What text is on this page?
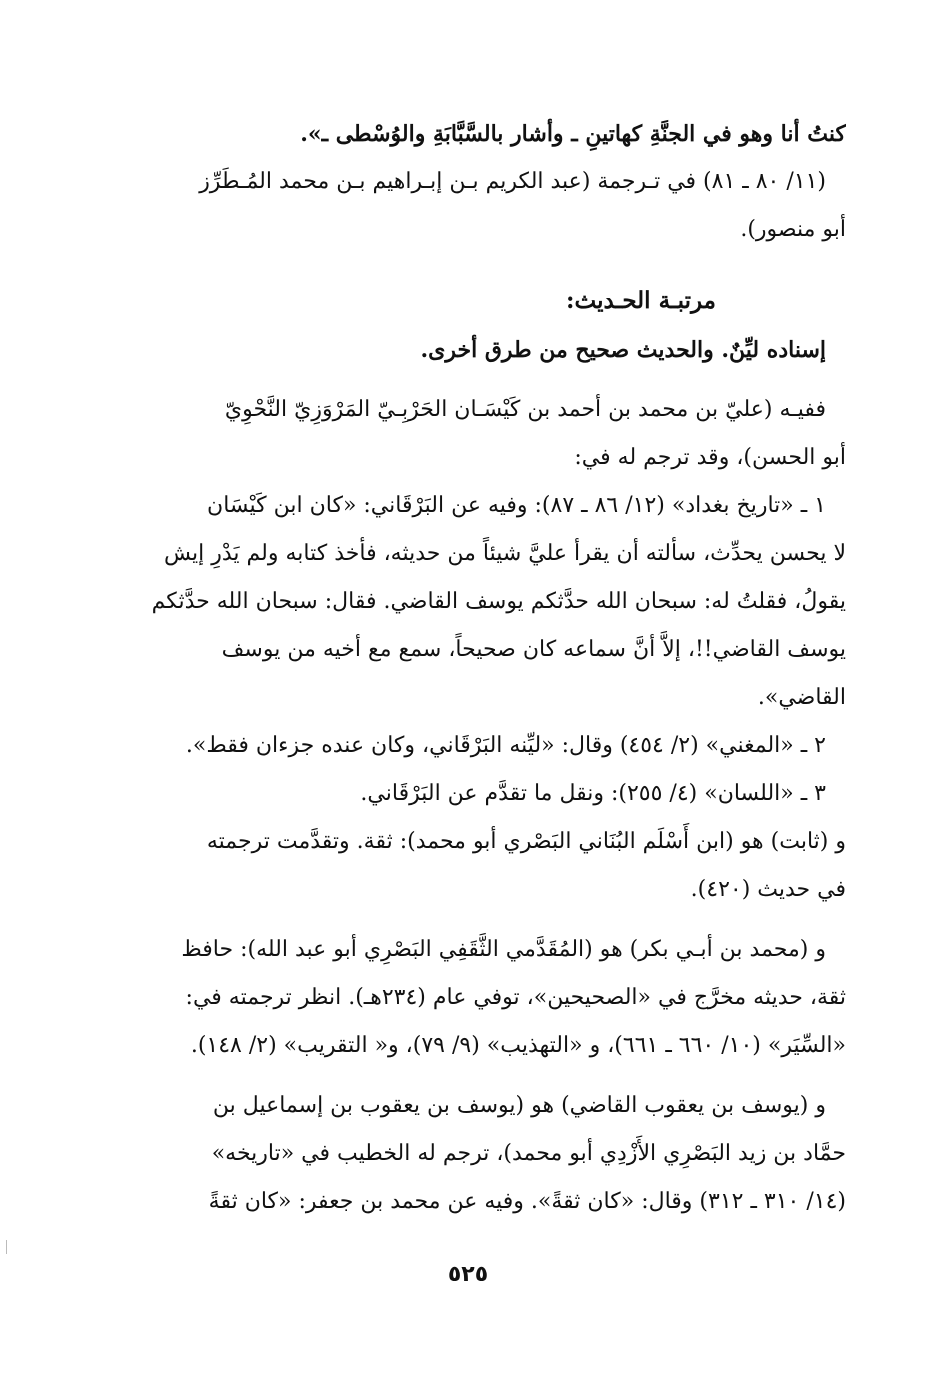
كنتُ أنا وهو في الجنَّةِ كهاتينِ ـ وأشار بالسَّبَّابَةِ والوُسْطى ـ».
(١١/ ٨٠ ـ ٨١) في تـرجمة (عبد الكريم بـن إبـراهيم بـن محمد المُـطَرِّز
أبو منصور).
مرتبـة الحـديث:
إسناده ليِّنٌ. والحديث صحيح من طرق أخرى.
ففيـه (عليّ بن محمد بن أحمد بن كَيْسَـان الحَرْبِـيّ المَرْوَزِيّ النَّحْوِيّ
أبو الحسن)، وقد ترجم له في:
١ ـ «تاريخ بغداد» (١٢/ ٨٦ ـ ٨٧): وفيه عن البَرْقَاني: «كان ابن كَيْسَان
لا يحسن يحدِّث، سألته أن يقرأ عليَّ شيئاً من حديثه، فأخذ كتابه ولم يَدْرِ إيش
يقولُ، فقلتُ له: سبحان الله حدَّثكم يوسف القاضي. فقال: سبحان الله حدَّثكم
يوسف القاضي!!، إلاَّ أنَّ سماعه كان صحيحاً، سمع مع أخيه من يوسف
القاضي».
٢ ـ «المغني» (٢/ ٤٥٤) وقال: «ليِّنه البَرْقَاني، وكان عنده جزءان فقط».
٣ ـ «اللسان» (٤/ ٢٥٥): ونقل ما تقدَّم عن البَرْقَاني.
و (ثابت) هو (ابن أَسْلَم البُنَاني البَصْري أبو محمد): ثقة. وتقدَّمت ترجمته
في حديث (٤٢٠).
و (محمد بن أبـي بكر) هو (المُقَدَّمي الثَّقَفِي البَصْرِي أبو عبد الله): حافظ
ثقة، حديثه مخرَّج في «الصحيحين»، توفي عام (٢٣٤هـ). انظر ترجمته في:
«السِّيَر» (١٠/ ٦٦٠ ـ ٦٦١)، و «التهذيب» (٩/ ٧٩)، و« التقريب» (٢/ ١٤٨).
و (يوسف بن يعقوب القاضي) هو (يوسف بن يعقوب بن إسماعيل بن
حمَّاد بن زيد البَصْرِي الأَزْدِي أبو محمد)، ترجم له الخطيب في «تاريخه»
(١٤/ ٣١٠ ـ ٣١٢) وقال: «كان ثقةً». وفيه عن محمد بن جعفر: «كان ثقةً
٥٢٥
